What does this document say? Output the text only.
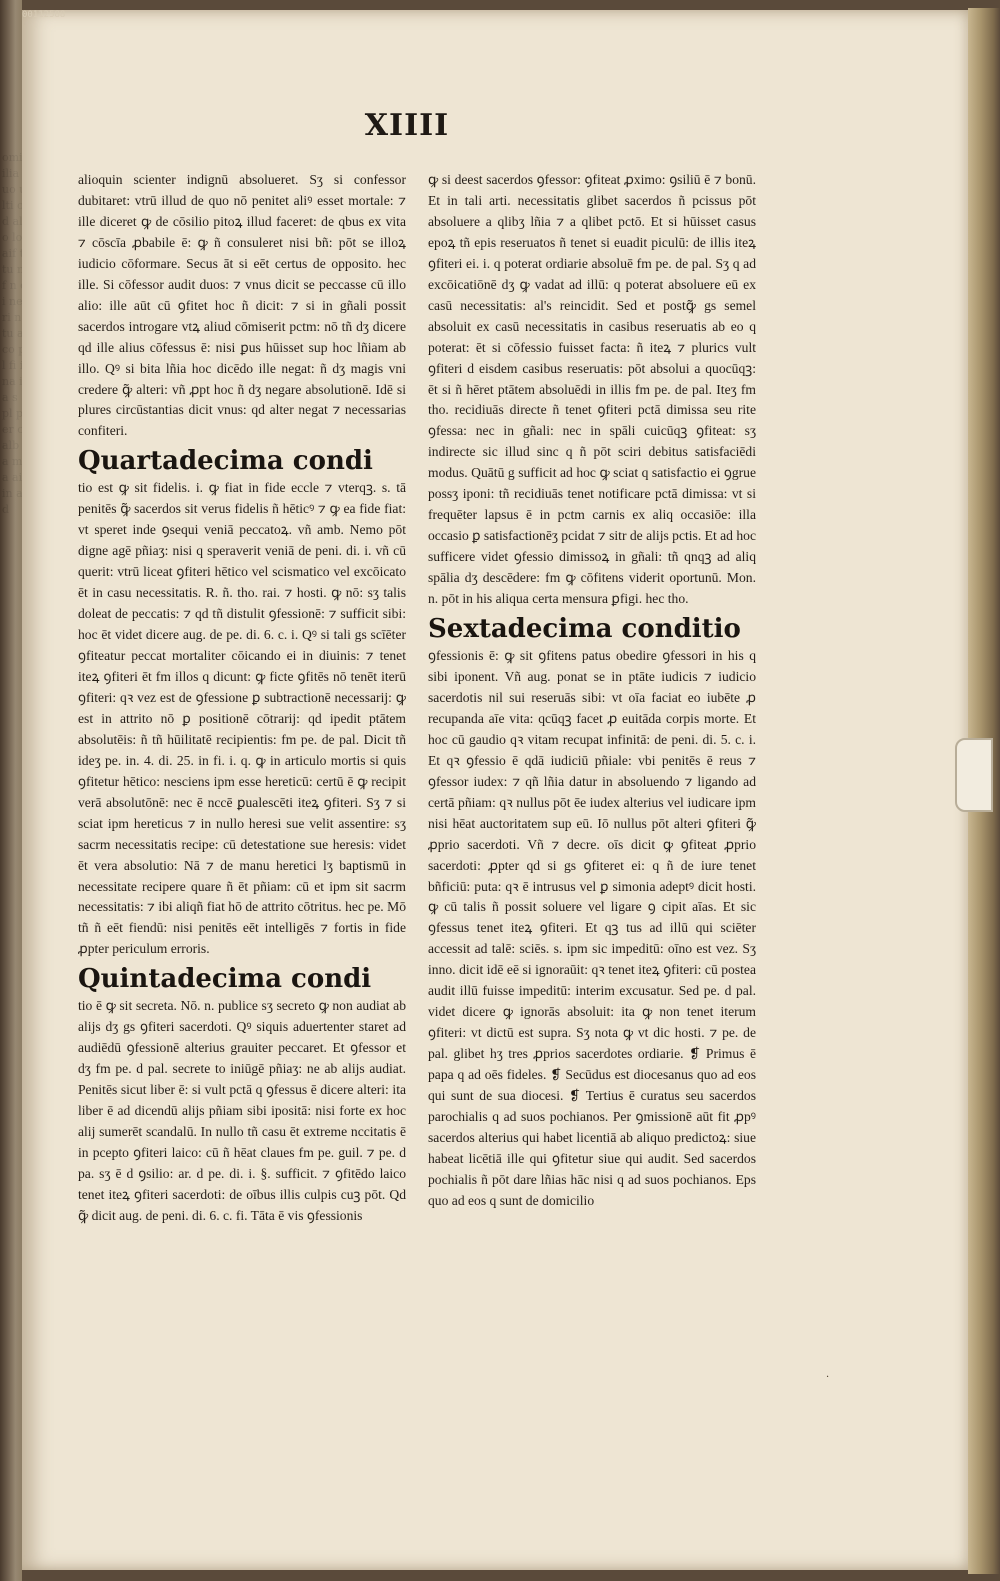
00112588
XIIII

alioquin scienter indignū absolueret. Sʒ si confessor dubitaret: vtrū illud de quo nō penitet aliꝰ esset mortale: ⁊ ille diceret ꝙ de cōsilio pitoꝝ illud faceret: de qbus ex vita ⁊ cōscīa ꝓbabile ē: ꝙ ñ consuleret nisi bñ: pōt se illoꝝ iudicio cōformare. Secus āt si eēt certus de opposito. hec ille. Si cōfessor audit duos: ⁊ vnus dicit se peccasse cū illo alio: ille aūt cū ꝯfitet hoc ñ dicit: ⁊ si in gñali possit sacerdos introgare vtꝝ aliud cōmiserit pctm: nō tñ dʒ dicere qd ille alius cōfessus ē: nisi ꝑus hūisset sup hoc lñiam ab illo. Qꝰ si bita lñia hoc dicēdo ille negat: ñ dʒ magis vni credere ꝙ̃ alteri: vñ ꝓpt hoc ñ dʒ negare absolutionē. Idē si plures circūstantias dicit vnus: qd alter negat ⁊ necessarias confiteri.

Quartadecima condi

tio est ꝙ sit fidelis. i. ꝙ fiat in fide eccle ⁊ vterqꝫ. s. tā penitēs ꝙ̃ sacerdos sit verus fidelis ñ hēticꝰ ⁊ ꝙ ea fide fiat: vt speret inde ꝯsequi veniā peccatoꝝ. vñ amb. Nemo pōt digne agē pñiaʒ: nisi q speraverit veniā de peni. di. i. vñ cū querit: vtrū liceat ꝯfiteri hētico vel scismatico vel excōicato ēt in casu necessitatis. R. ñ. tho. rai. ⁊ hosti. ꝙ nō: sʒ talis doleat de peccatis: ⁊ qd tñ distulit ꝯfessionē: ⁊ sufficit sibi: hoc ēt videt dicere aug. de pe. di. 6. c. i. Qꝰ si tali gs scīēter ꝯfiteatur peccat mortaliter cōicando ei in diuinis: ⁊ tenet iteꝝ ꝯfiteri ēt fm illos q dicunt: ꝙ ficte ꝯfitēs nō tenēt iterū ꝯfiteri: qꝛ vez est de ꝯfessione ꝑ subtractionē necessarij: ꝙ est in attrito nō ꝑ positionē cōtrarij: qd ipedit ptātem absolutēis: ñ tñ hūilitatē recipientis: fm pe. de pal. Dicit tñ ideʒ pe. in. 4. di. 25. in fi. i. q. ꝙ in articulo mortis si quis ꝯfitetur hētico: nesciens ipm esse hereticū: certū ē ꝙ recipit verā absolutōnē: nec ē nccē ꝑualescēti iteꝝ ꝯfiteri. Sʒ ⁊ si sciat ipm hereticus ⁊ in nullo heresi sue velit assentire: sʒ sacrm necessitatis recipe: cū detestatione sue heresis: videt ēt vera absolutio: Nā ⁊ de manu heretici lʒ baptismū in necessitate recipere quare ñ ēt pñiam: cū et ipm sit sacrm necessitatis: ⁊ ibi aliqñ fiat hō de attrito cōtritus. hec pe. Mō tñ ñ eēt fiendū: nisi penitēs eēt intelligēs ⁊ fortis in fide ꝓpter periculum erroris.

Quintadecima condi

tio ē ꝙ sit secreta. Nō. n. publice sʒ secreto ꝙ non audiat ab alijs dʒ gs ꝯfiteri sacerdoti. Qꝰ siquis aduertenter staret ad audiēdū ꝯfessionē alterius grauiter peccaret. Et ꝯfessor et dʒ fm pe. d pal. secrete to iniūgē pñiaʒ: ne ab alijs audiat. Penitēs sicut liber ē: si vult pctā q ꝯfessus ē dicere alteri: ita liber ē ad dicendū alijs pñiam sibi ipositā: nisi forte ex hoc alij sumerēt scandalū. In nullo tñ casu ēt extreme nccitatis ē in pcepto ꝯfiteri laico: cū ñ hēat claues fm pe. guil. ⁊ pe. d pa. sʒ ē d ꝯsilio: ar. d pe. di. i. §. sufficit. ⁊ ꝯfitēdo laico tenet iteꝝ ꝯfiteri sacerdoti: de oībus illis culpis cuꝫ pōt. Qd ꝙ̃ dicit aug. de peni. di. 6. c. fi. Tāta ē vis ꝯfessionis

ꝙ si deest sacerdos ꝯfessor: ꝯfiteat ꝓximo: ꝯsiliū ē ⁊ bonū. Et in tali arti. necessitatis glibet sacerdos ñ pcissus pōt absoluere a qlibʒ lñia ⁊ a qlibet pctō. Et si hūisset casus epoꝝ tñ epis reseruatos ñ tenet si euadit piculū: de illis iteꝝ ꝯfiteri ei. i. q poterat ordiarie absoluē fm pe. de pal. Sʒ q ad excōicatiōnē dʒ ꝙ vadat ad illū: q poterat absoluere eū ex casū necessitatis: al's reincidit. Sed et postꝙ̃ gs semel absoluit ex casū necessitatis in casibus reseruatis ab eo q poterat: ēt si cōfessio fuisset facta: ñ iteꝝ ⁊ plurics vult ꝯfiteri d eisdem casibus reseruatis: pōt absolui a quocūqꝫ: ēt si ñ hēret ptātem absoluēdi in illis fm pe. de pal. Iteʒ fm tho. recidiuās directe ñ tenet ꝯfiteri pctā dimissa seu rite ꝯfessa: nec in gñali: nec in spāli cuicūqꝫ ꝯfiteat: sʒ indirecte sic illud sinc q ñ pōt sciri debitus satisfaciēdi modus. Quātū g sufficit ad hoc ꝙ sciat q satisfactio ei ꝯgrue possʒ iponi: tñ recidiuās tenet notificare pctā dimissa: vt si frequēter lapsus ē in pctm carnis ex aliq occasiōe: illa occasio ꝑ satisfactionēʒ pcidat ⁊ sitr de alijs pctis. Et ad hoc sufficere videt ꝯfessio dimissoꝝ in gñali: tñ qnqꝫ ad aliq spālia dʒ descēdere: fm ꝙ cōfitens viderit oportunū. Mon. n. pōt in his aliqua certa mensura ꝑfigi. hec tho.

Sextadecima conditio

ꝯfessionis ē: ꝙ sit ꝯfitens patus obedire ꝯfessori in his q sibi iponent. Vñ aug. ponat se in ptāte iudicis ⁊ iudicio sacerdotis nil sui reseruās sibi: vt oīa faciat eo iubēte ꝓ recupanda aīe vita: qcūqꝫ facet ꝓ euitāda corpis morte. Et hoc cū gaudio qꝛ vitam recupat infinitā: de peni. di. 5. c. i. Et qꝛ ꝯfessio ē qdā iudiciū pñiale: vbi penitēs ē reus ⁊ ꝯfessor iudex: ⁊ qñ lñia datur in absoluendo ⁊ ligando ad certā pñiam: qꝛ nullus pōt ēe iudex alterius vel iudicare ipm nisi hēat auctoritatem sup eū. Iō nullus pōt alteri ꝯfiteri ꝙ̃ ꝓprio sacerdoti. Vñ ⁊ decre. oīs dicit ꝙ ꝯfiteat ꝓprio sacerdoti: ꝓpter qd si gs ꝯfiteret ei: q ñ de iure tenet bñficiū: puta: qꝛ ē intrusus vel ꝑ simonia adeptꝰ dicit hosti. ꝙ cū talis ñ possit soluere vel ligare ꝯ cipit aīas. Et sic ꝯfessus tenet iteꝝ ꝯfiteri. Et qꝫ tus ad illū qui sciēter accessit ad talē: sciēs. s. ipm sic impeditū: oīno est vez. Sʒ inno. dicit idē eē si ignoraūit: qꝛ tenet iteꝝ ꝯfiteri: cū postea audit illū fuisse impeditū: interim excusatur. Sed pe. d pal. videt dicere ꝙ ignorās absoluit: ita ꝙ non tenet iterum ꝯfiteri: vt dictū est supra. Sʒ nota ꝙ vt dic hosti. ⁊ pe. de pal. glibet hʒ tres ꝓprios sacerdotes ordiarie. ❡ Primus ē papa q ad oēs fideles. ❡ Secūdus est diocesanus quo ad eos qui sunt de sua diocesi. ❡ Tertius ē curatus seu sacerdos parochialis q ad suos pochianos. Per ꝯmissionē aūt fit ꝓpꝰ sacerdos alterius qui habet licentiā ab aliquo predictoꝝ: siue habeat licētiā ille qui ꝯfitetur siue qui audit. Sed sacerdos pochialis ñ pōt dare lñias hāc nisi q ad suos pochianos. Eps quo ad eos q sunt de domicilio

·
